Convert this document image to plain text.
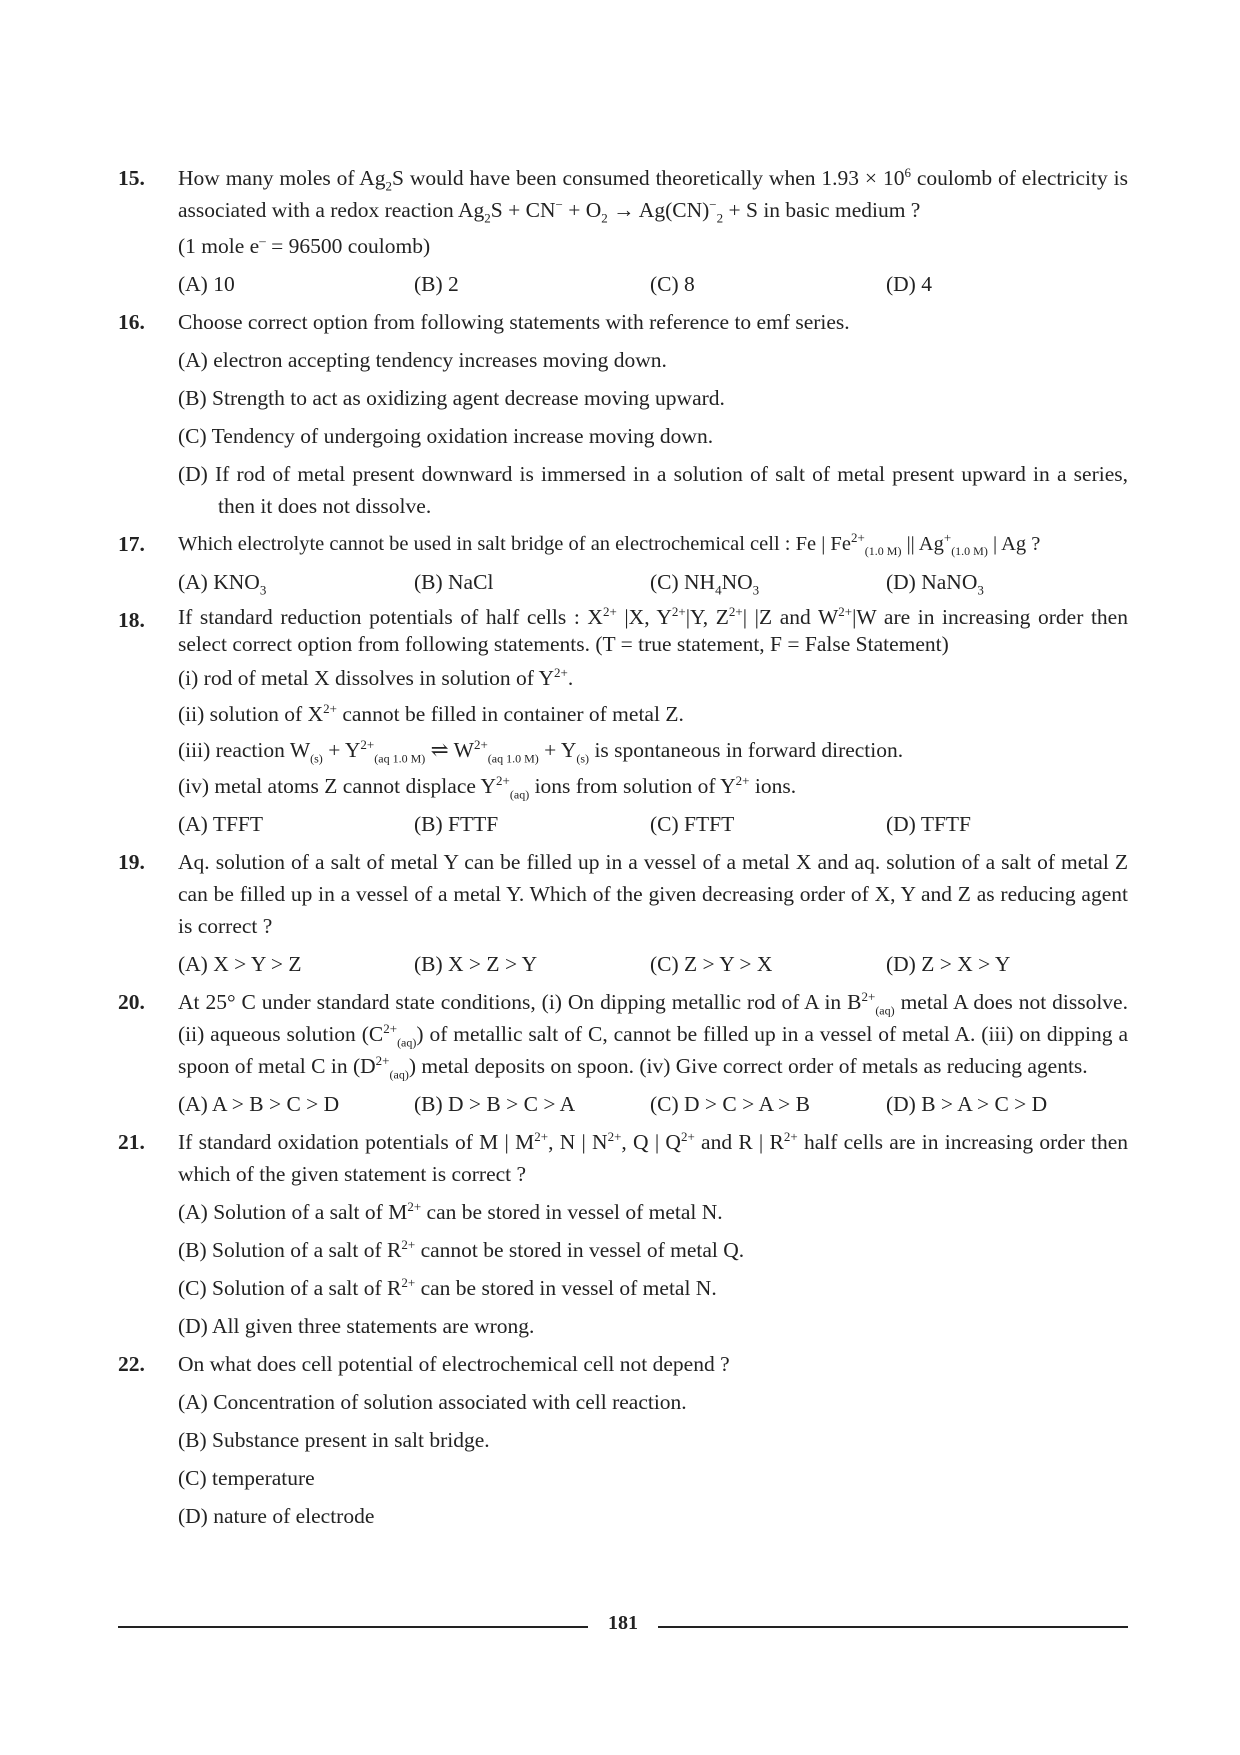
15. How many moles of $Ag_2S$ would have been consumed theoretically when $1.93 \times 10^6$ coulomb of electricity is associated with a redox reaction $Ag_2S + CN^- + O_2 \to Ag(CN)^-_2 + S$ in basic medium ?
(1 mole e– = 96500 coulomb)
(A) 10	(B) 2	(C) 8	(D) 4
16. Choose correct option from following statements with reference to emf series.
(A) electron accepting tendency increases moving down.
(B) Strength to act as oxidizing agent decrease moving upward.
(C) Tendency of undergoing oxidation increase moving down.
(D) If rod of metal present downward is immersed in a solution of salt of metal present upward in a series, then it does not dissolve.
17. Which electrolyte cannot be used in salt bridge of an electrochemical cell : Fe | $Fe^{2+}_{(1.0 M)}$ || $Ag^+_{(1.0 M)}$ | Ag ?
(A) $KNO_3$	(B) NaCl	(C) $NH_4NO_3$	(D) NaNO$_3$
18. If standard reduction potentials of half cells : $X^{2+}$ |X, $Y^{2+}|Y$, $Z^{2+}|$ |Z and $W^{2+}|W$ are in increasing order then select correct option from following statements. (T = true statement, F = False Statement)
(i) rod of metal X dissolves in solution of $Y^{2+}$.
(ii) solution of $X^{2+}$ cannot be filled in container of metal Z.
(iii) reaction $W_{(s)} + Y^{2+}_{(aq 1.0 M)}$ ⇌ $W^{2+}_{(aq 1.0 M)} + Y_{(s)}$ is spontaneous in forward direction.
(iv) metal atoms Z cannot displace $Y^{2+}_{(aq)}$ ions from solution of $Y^{2+}$ ions.
(A) TFFT	(B) FTTF	(C) FTFT	(D) TFTF
19. Aq. solution of a salt of metal Y can be filled up in a vessel of a metal X and aq. solution of a salt of metal Z can be filled up in a vessel of a metal Y. Which of the given decreasing order of X, Y and Z as reducing agent is correct ?
(A) X > Y > Z	(B) X > Z > Y	(C) Z > Y > X	(D) Z > X > Y
20. At 25° C under standard state conditions, (i) On dipping metallic rod of A in $B^{2+}_{(aq)}$ metal A does not dissolve. (ii) aqueous solution $(C^{2+}_{(aq)})$ of metallic salt of C, cannot be filled up in a vessel of metal A. (iii) on dipping a spoon of metal C in $(D^{2+}_{(aq)})$ metal deposits on spoon. (iv) Give correct order of metals as reducing agents.
(A) A > B > C > D	(B) D > B > C > A	(C) D > C > A > B	(D) B > A > C > D
21. If standard oxidation potentials of M | $M^{2+}$, N | $N^{2+}$, Q | $Q^{2+}$ and R | $R^{2+}$ half cells are in increasing order then which of the given statement is correct ?
(A) Solution of a salt of $M^{2+}$ can be stored in vessel of metal N.
(B) Solution of a salt of $R^{2+}$ cannot be stored in vessel of metal Q.
(C) Solution of a salt of $R^{2+}$ can be stored in vessel of metal N.
(D) All given three statements are wrong.
22. On what does cell potential of electrochemical cell not depend ?
(A) Concentration of solution associated with cell reaction.
(B) Substance present in salt bridge.
(C) temperature
(D) nature of electrode
181
